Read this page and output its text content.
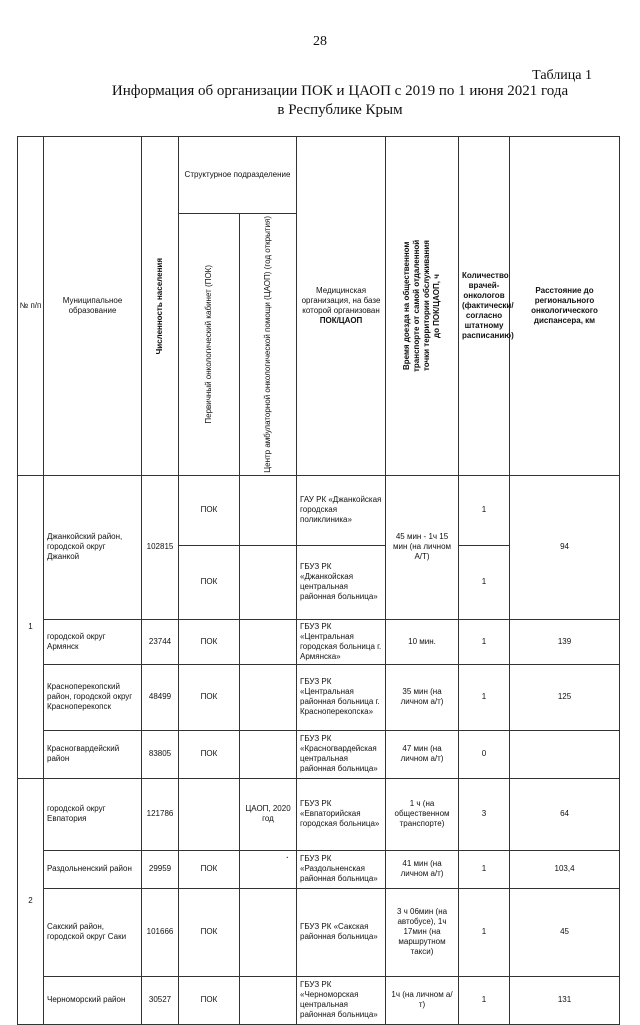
28
Таблица 1
Информация об организации ПОК и ЦАОП с 2019 по 1 июня 2021 года
в Республике Крым
№ п/п	Муниципальное образование	Численность населения	Структурное подразделение		Медицинская организация, на базе которой организован
ПОК/ЦАОП	Время доезда на общественном транспорте от самой отдаленной точки территории обслуживания до ПОК/ЦАОП, ч	Количество врачей-онкологов (фактически/ согласно штатному расписанию)	Расстояние до регионального онкологического диспансера, км

			Первичный онкологический кабинет (ПОК)	Центр амбулаторной онкологической помощи (ЦАОП) (год открытия)				

1	Джанкойский район, городской округ Джанкой	102815	ПОК		ГАУ РК «Джанкойская городская поликлиника»	45 мин - 1ч 15 мин (на личном А/Т)	1	94
			ПОК		ГБУЗ РК «Джанкойская центральная районная больница»		1	
	городской округ Армянск	23744	ПОК		ГБУЗ РК «Центральная городская больница г. Армянска»	10 мин.	1	139
	Красноперекопский район, городской округ Красноперекопск	48499	ПОК		ГБУЗ РК «Центральная районная больница г. Красноперекопска»	35 мин (на личном а/т)	1	125
	Красногвардейский район	83805	ПОК		ГБУЗ РК «Красногвардейская центральная районная больница»	47 мин (на личном а/т)	0	
2	городской округ Евпатория	121786		ЦАОП, 2020 год	ГБУЗ РК «Евпаторийская городская больница»	1 ч (на общественном транспорте)	3	64
	Раздольненский район	29959	ПОК		ГБУЗ РК «Раздольненская районная больница»	41 мин (на личном а/т)	1	103,4
	Сакский район, городской округ Саки	101666	ПОК		ГБУЗ РК «Сакская районная больница»	3 ч 06мин (на автобусе), 1ч 17мин (на маршрутном такси)	1	45
	Черноморский район	30527	ПОК		ГБУЗ РК «Черноморская центральная районная больница»	1ч (на личном а/т)	1	131
.
